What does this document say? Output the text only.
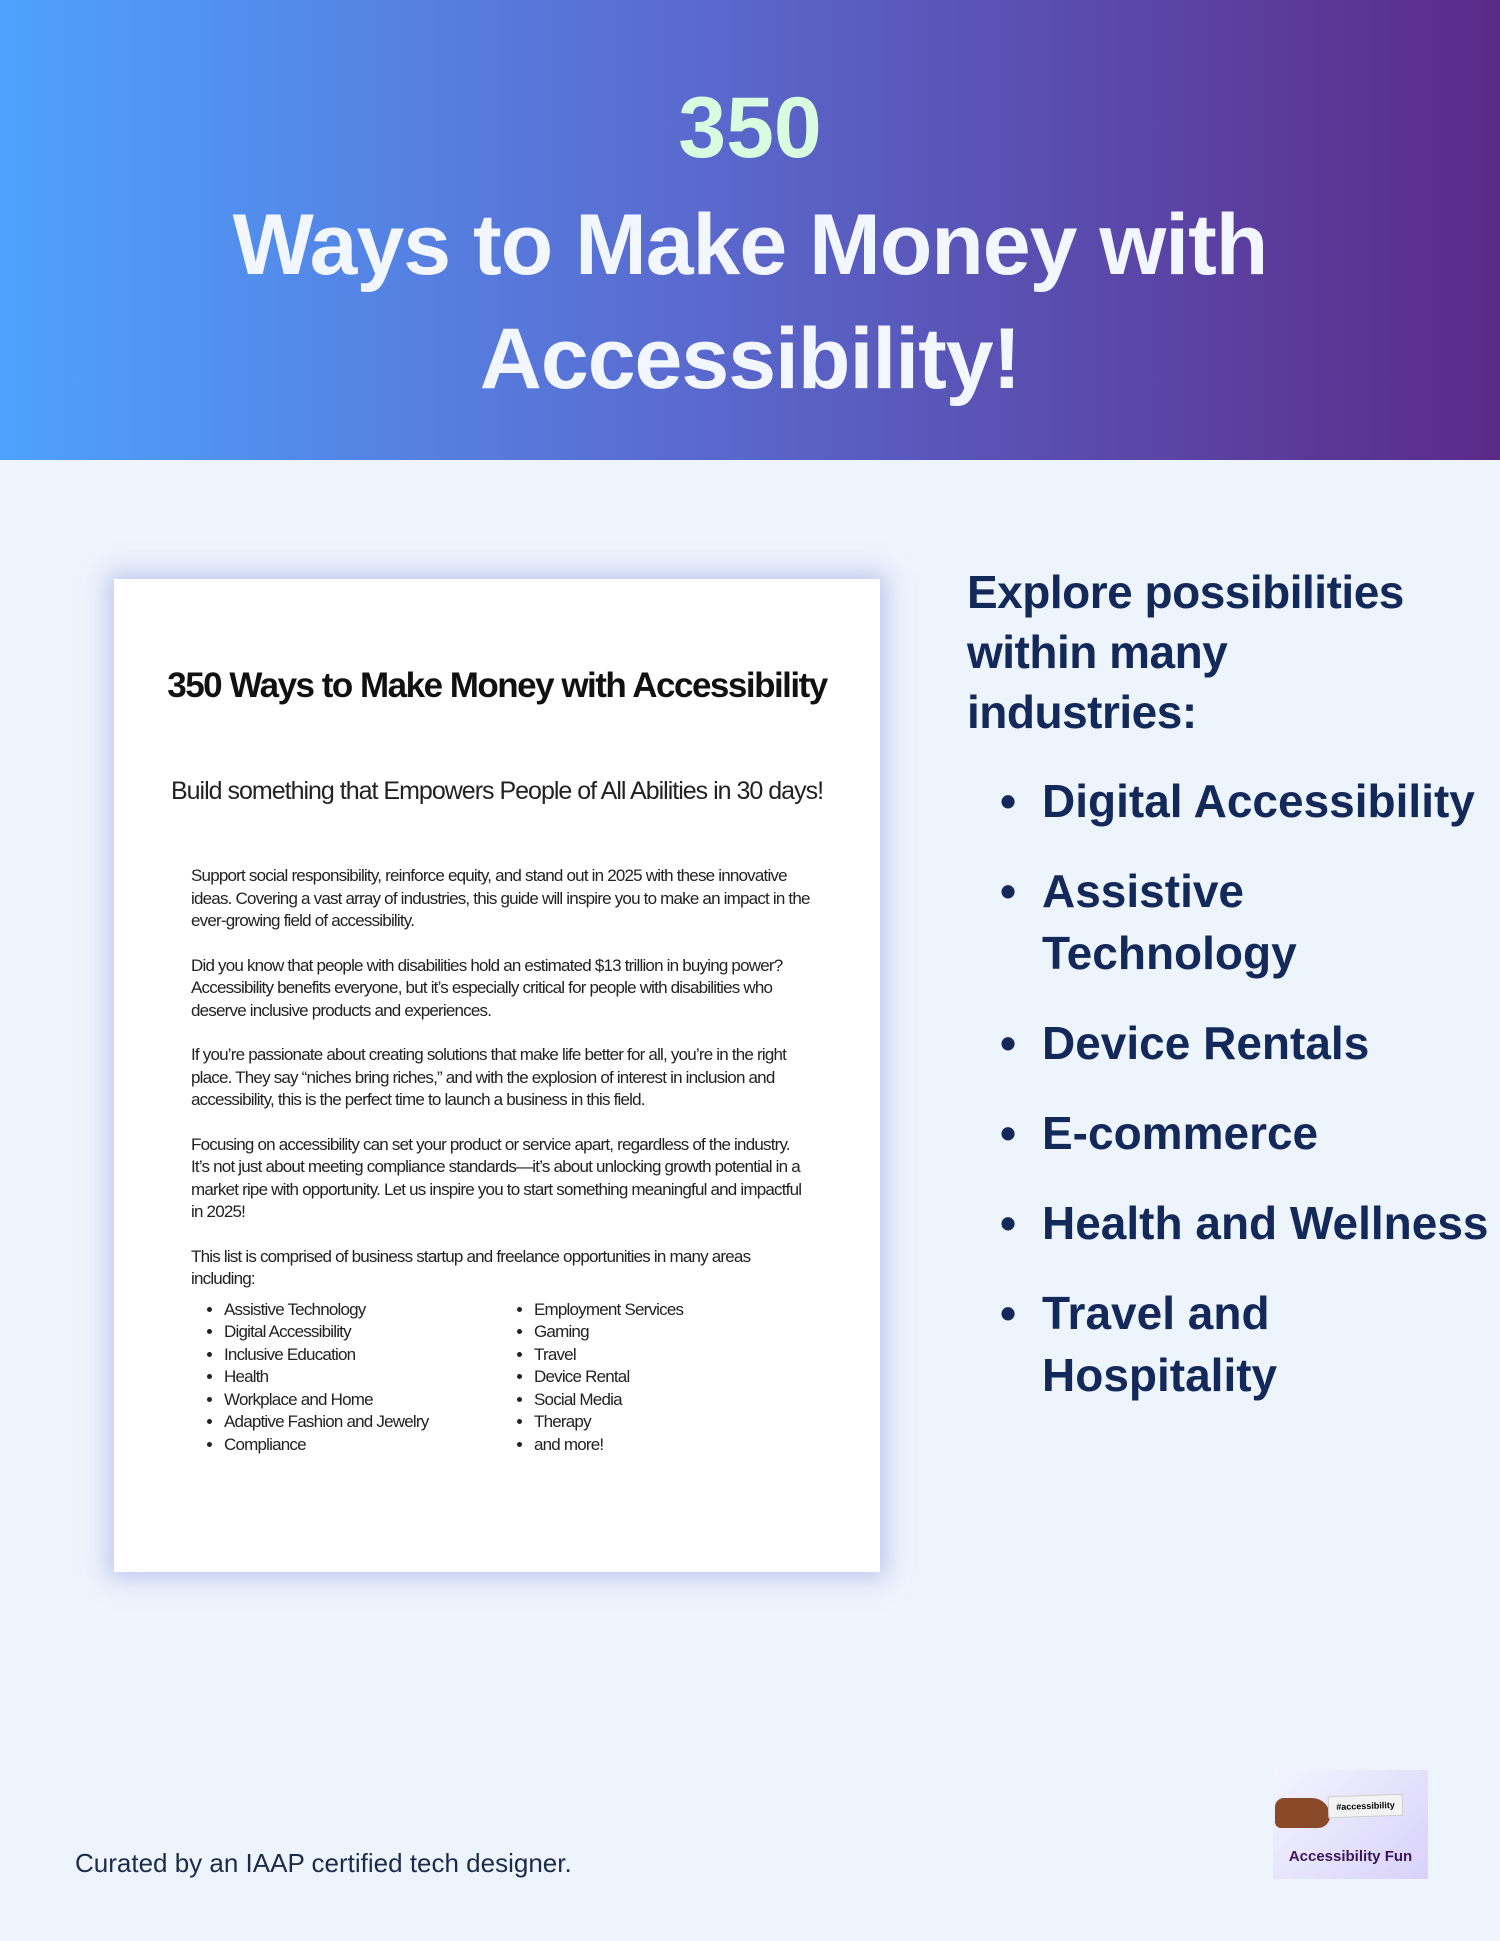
350
Ways to Make Money with Accessibility!
350 Ways to Make Money with Accessibility
Build something that Empowers People of All Abilities in 30 days!

Support social responsibility, reinforce equity, and stand out in 2025 with these innovative ideas. Covering a vast array of industries, this guide will inspire you to make an impact in the ever-growing field of accessibility.

Did you know that people with disabilities hold an estimated $13 trillion in buying power? Accessibility benefits everyone, but it’s especially critical for people with disabilities who deserve inclusive products and experiences.

If you’re passionate about creating solutions that make life better for all, you’re in the right place. They say “niches bring riches,” and with the explosion of interest in inclusion and accessibility, this is the perfect time to launch a business in this field.

Focusing on accessibility can set your product or service apart, regardless of the industry. It’s not just about meeting compliance standards—it’s about unlocking growth potential in a market ripe with opportunity. Let us inspire you to start something meaningful and impactful in 2025!

This list is comprised of business startup and freelance opportunities in many areas including:

• Assistive Technology
• Digital Accessibility
• Inclusive Education
• Health
• Workplace and Home
• Adaptive Fashion and Jewelry
• Compliance
• Employment Services
• Gaming
• Travel
• Device Rental
• Social Media
• Therapy
• and more!
Explore possibilities within many industries:
• Digital Accessibility
• Assistive Technology
• Device Rentals
• E-commerce
• Health and Wellness
• Travel and Hospitality
Curated by an IAAP certified tech designer.
#accessibility
Accessibility Fun
